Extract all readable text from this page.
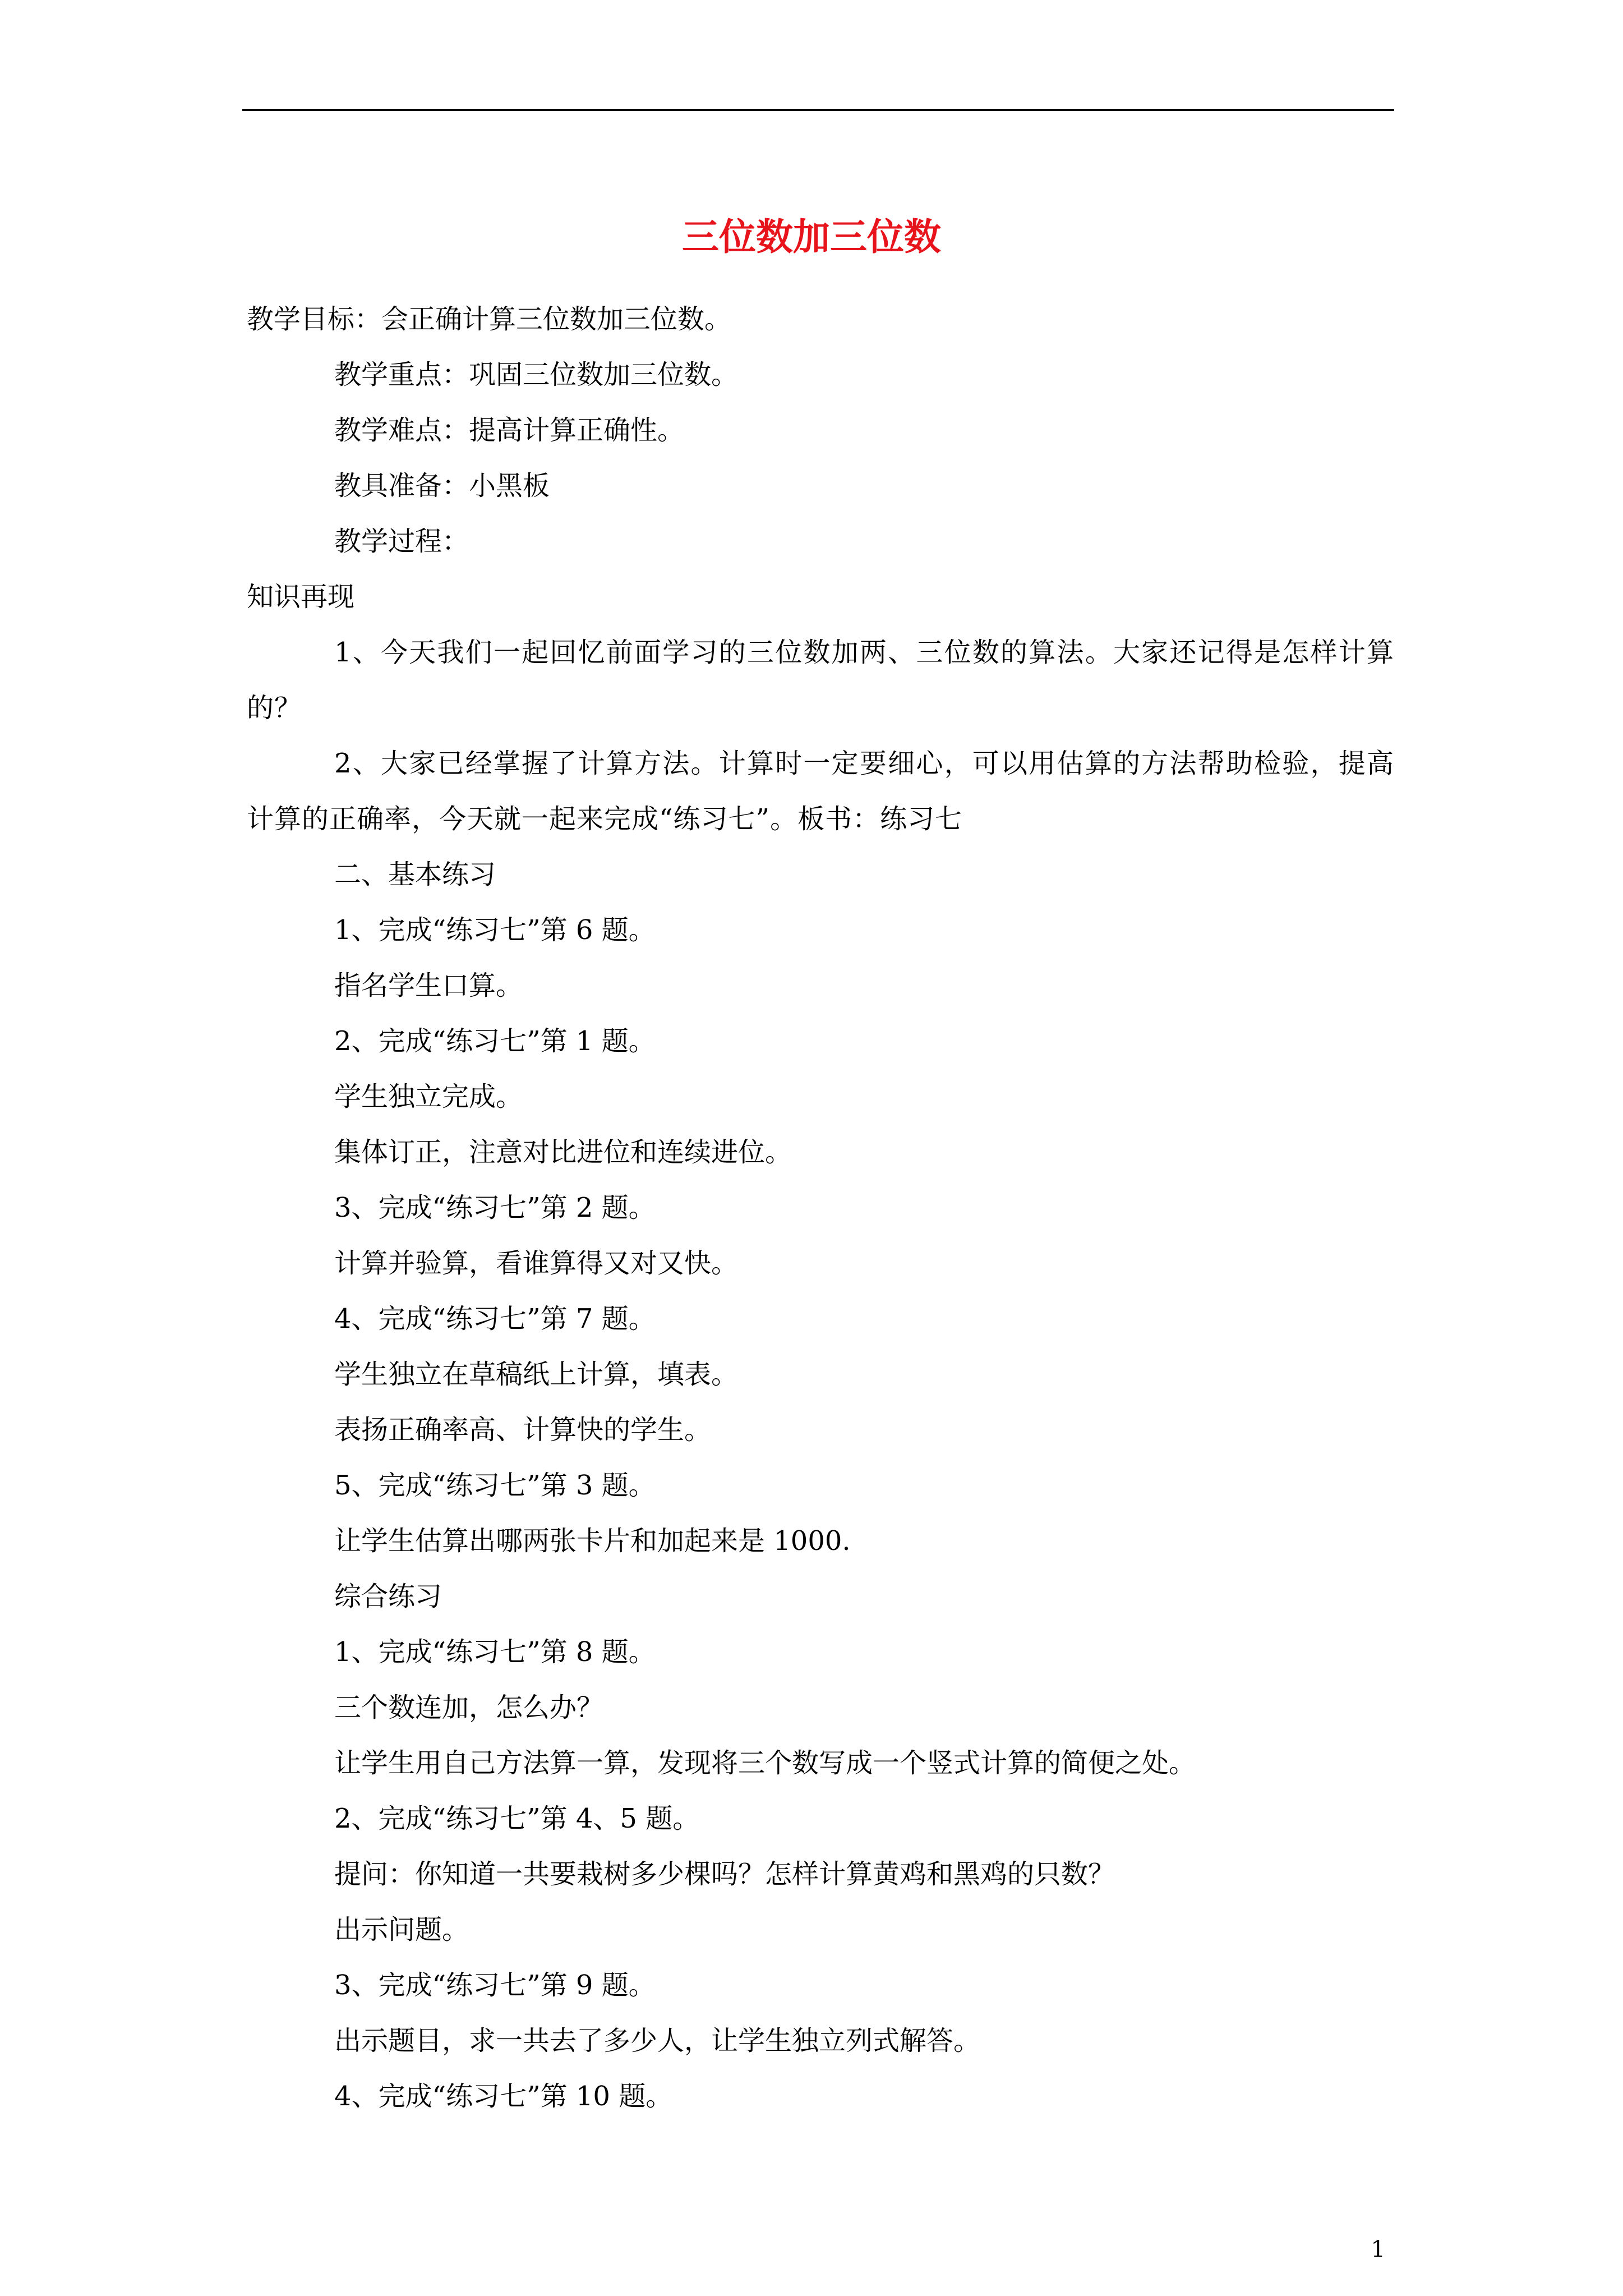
三位数加三位数
教学目标：会正确计算三位数加三位数。
教学重点：巩固三位数加三位数。
教学难点：提高计算正确性。
教具准备：小黑板
教学过程：
知识再现
1、今天我们一起回忆前面学习的三位数加两、三位数的算法。大家还记得是怎样计算的？
2、大家已经掌握了计算方法。计算时一定要细心，可以用估算的方法帮助检验，提高计算的正确率，今天就一起来完成“练习七”。板书：练习七
二、基本练习
1、完成“练习七”第 6 题。
指名学生口算。
2、完成“练习七”第 1 题。
学生独立完成。
集体订正，注意对比进位和连续进位。
3、完成“练习七”第 2 题。
计算并验算，看谁算得又对又快。
4、完成“练习七”第 7 题。
学生独立在草稿纸上计算，填表。
表扬正确率高、计算快的学生。
5、完成“练习七”第 3 题。
让学生估算出哪两张卡片和加起来是 1000.
综合练习
1、完成“练习七”第 8 题。
三个数连加，怎么办？
让学生用自己方法算一算，发现将三个数写成一个竖式计算的简便之处。
2、完成“练习七”第 4、5 题。
提问：你知道一共要栽树多少棵吗？怎样计算黄鸡和黑鸡的只数？
出示问题。
3、完成“练习七”第 9 题。
出示题目，求一共去了多少人，让学生独立列式解答。
4、完成“练习七”第 10 题。
1
